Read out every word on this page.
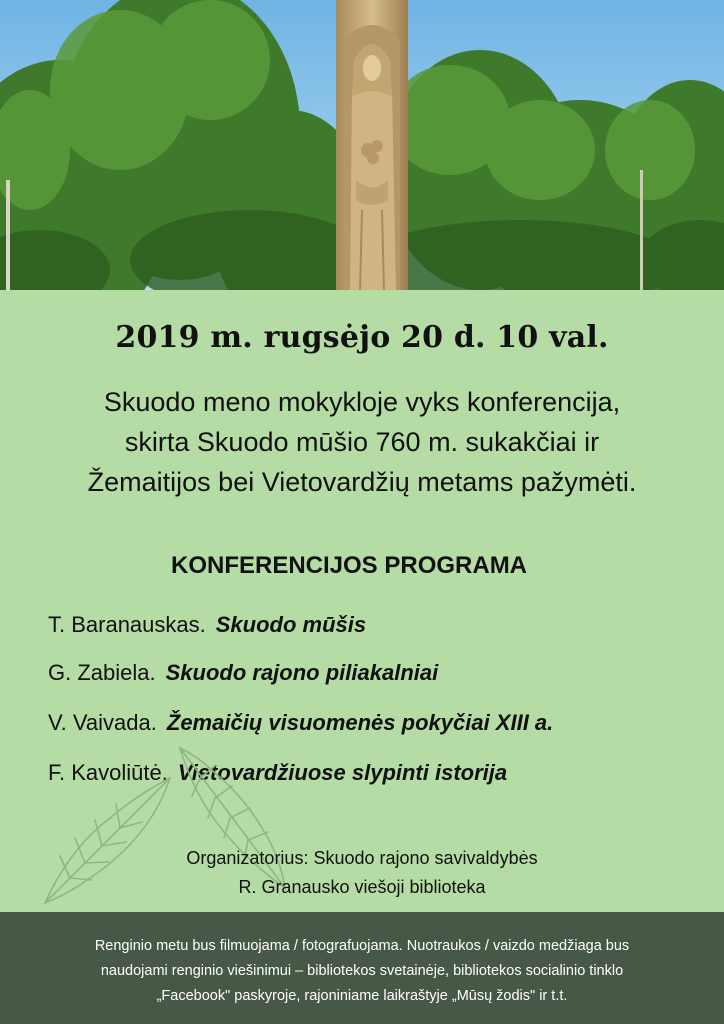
2019 m. rugsėjo 20 d. 10 val.
Skuodo meno mokykloje vyks konferencija,
skirta Skuodo mūšio 760 m. sukakčiai ir
Žemaitijos bei Vietovardžių metams pažymėti.
KONFERENCIJOS PROGRAMA
T. Baranauskas. Skuodo mūšis
G. Zabiela. Skuodo rajono piliakalniai
V. Vaivada. Žemaičių visuomenės pokyčiai XIII a.
F. Kavoliūtė. Vietovardžiuose slypinti istorija
Organizatorius: Skuodo rajono savivaldybės
R. Granausko viešoji biblioteka
Renginio metu bus filmuojama / fotografuojama. Nuotraukos / vaizdo medžiaga bus
naudojami renginio viešinimui – bibliotekos svetainėje, bibliotekos socialinio tinklo
„Facebook" paskyroje, rajoniniame laikraštyje „Mūsų žodis" ir t.t.
